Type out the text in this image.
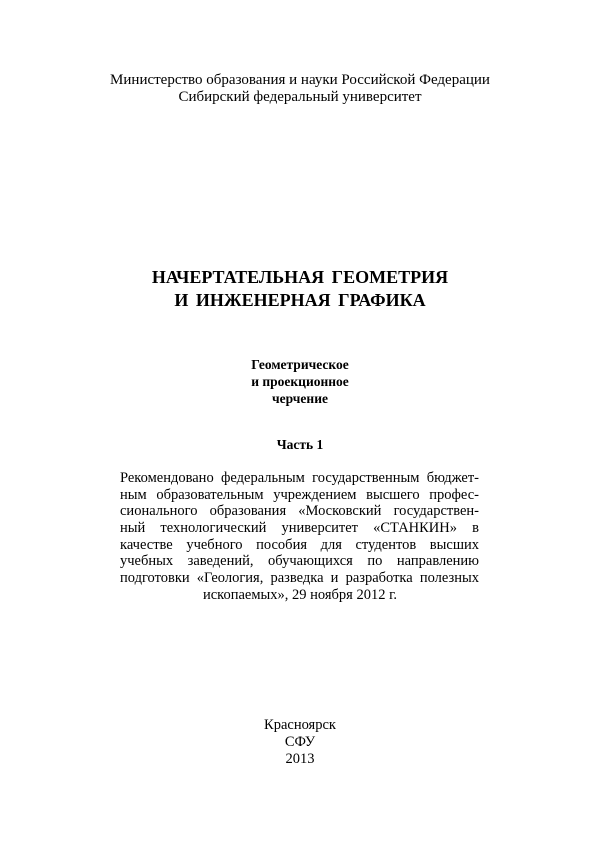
Министерство образования и науки Российской Федерации
Сибирский федеральный университет
НАЧЕРТАТЕЛЬНАЯ ГЕОМЕТРИЯ
И ИНЖЕНЕРНАЯ ГРАФИКА
Геометрическое
и проекционное
черчение
Часть 1
Рекомендовано федеральным государственным бюджет-
ным образовательным учреждением высшего профес-
сионального образования «Московский государствен-
ный технологический университет «СТАНКИН» в
качестве учебного пособия для студентов высших
учебных заведений, обучающихся по направлению
подготовки «Геология, разведка и разработка полезных
ископаемых», 29 ноября 2012 г.
Красноярск
СФУ
2013
